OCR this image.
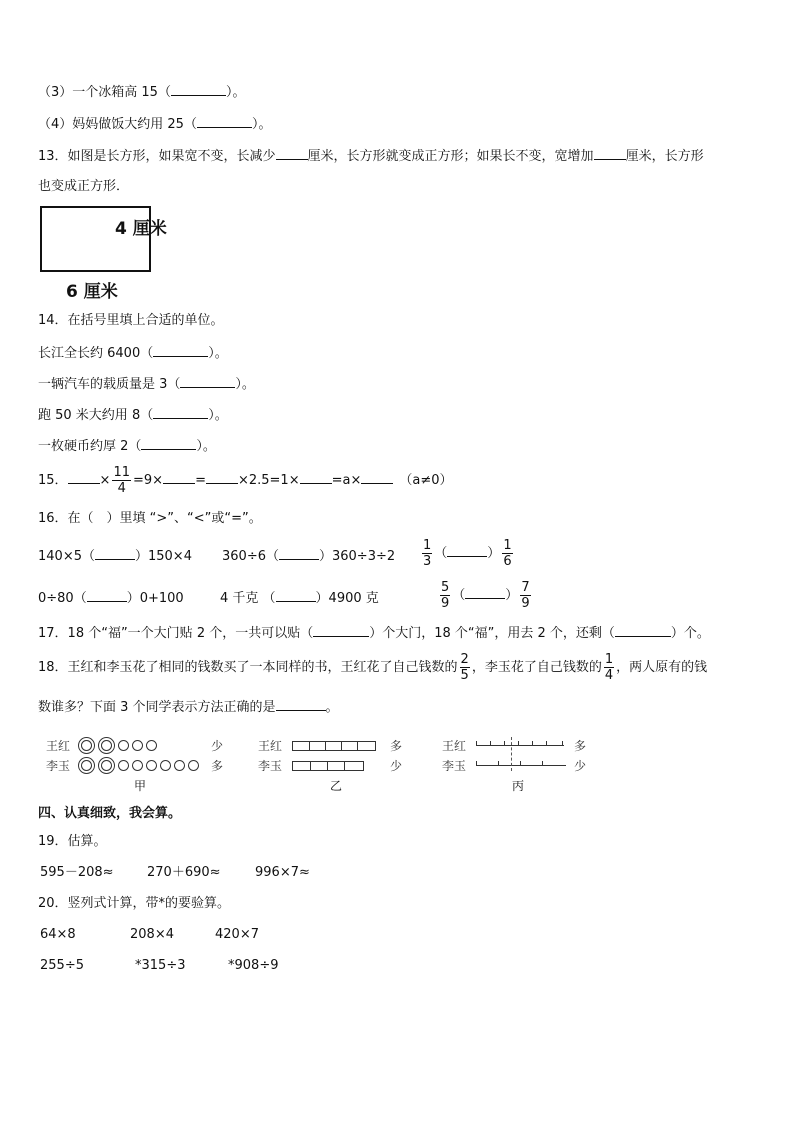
（3）一个冰箱高 15（	）。
（4）妈妈做饭大约用 25（	）。
13．如图是长方形，如果宽不变，长减少 厘米，长方形就变成正方形；如果长不变，宽增加 厘米，长方形
也变成正方形．
4 厘米
6 厘米
14．在括号里填上合适的单位。
长江全长约 6400（	）。
一辆汽车的载质量是 3（	）。
跑 50 米大约用 8（	）。
一枚硬币约厚 2（	）。
15． × $\frac{11}{4} =9\times = \times 2.5=1\times =a\times$	（a≠0）
16．在（　）里填 “>”、“<”或“=”。
140×5（	）150×4 360÷6（	）$360\div 3\div 2 \frac{1}{3}$ （	） $\frac{1}{6}$
0÷80（	）0+100	4 千克 （	）4900 克	$\frac{5}{9}$ （	） $\frac{7}{9}$
17．18 个“福”一个大门贴 2 个，一共可以贴（	）个大门，18 个“福”，用去 2 个，还剩（	）个。
18．王红和李玉花了相同的钱数买了一本同样的书，王红花了自己钱数的 $\frac{2}{5}$ ，李玉花了自己钱数的 $\frac{1}{4}$ ，两人原有的钱
数谁多？下面 3 个同学表示方法正确的是	。
王红	少
李玉	多
甲
王红	多
李玉	少
乙
王红	多
李玉	少
丙
四、认真细致，我会算。
19．估算。
595－208≈	270＋690≈	996×7≈
20．竖列式计算，带*的要验算。
64×8	208×4	420×7
255÷5	*315÷3	*908÷9
